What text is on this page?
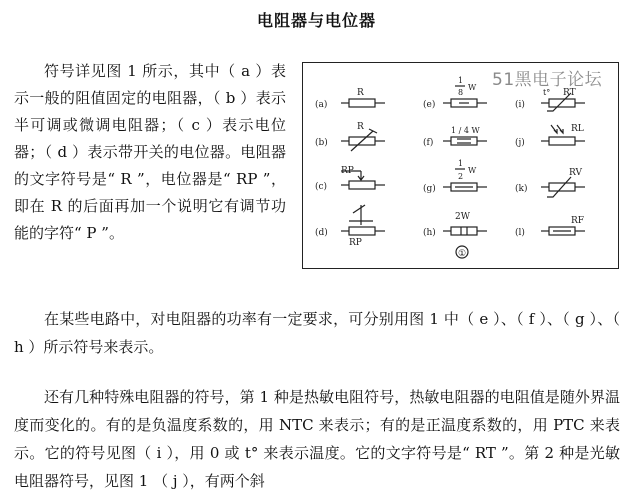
电阻器与电位器

符号详见图 1 所示，其中（ a ）表示一般的阻值固定的电阻器，（ b ）表示半可调或微调电阻器；（ c ）表示电位器；（ d ）表示带开关的电位器。电阻器的文字符号是“ R ”，电位器是“ RP ”，即在 R 的后面再加一个说明它有调节功能的字符“ P ”。

51黑电子论坛
(a)
R
(b)
R
(c)
RP
(d)
RP
(e)
1
8
W
(f)
1 / 4 W
(g)
1
2
W
(h)
2W
①
(i)
RT
t°
(j)
RL
(k)
RV
(l)
RF

在某些电路中，对电阻器的功率有一定要求，可分别用图 1 中（ e ）、（ f ）、（ g ）、（ h ）所示符号来表示。

还有几种特殊电阻器的符号，第 1 种是热敏电阻符号，热敏电阻器的电阻值是随外界温度而变化的。有的是负温度系数的，用 NTC 来表示；有的是正温度系数的，用 PTC 来表示。它的符号见图（ i ），用 0 或 t° 来表示温度。它的文字符号是“ RT ”。第 2 种是光敏电阻器符号，见图 1 （ j ），有两个斜
